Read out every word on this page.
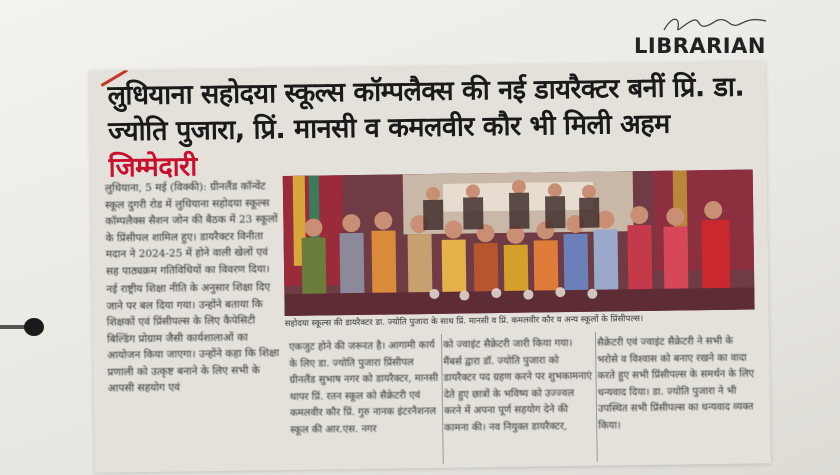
LIBRARIAN
लुधियाना सहोदया स्कूल्स कॉम्पलैक्स की नई डायरैक्टर बनीं प्रिं. डा.
ज्योति पुजारा, प्रिं. मानसी व कमलवीर कौर भी मिली अहम जिम्मेदारी

लुधियाना, 5 मई (विक्की): ग्रीनलैंड कॉन्वेंट स्कूल दुगरी रोड में लुधियाना सहोदया स्कूल्स कॉम्पलैक्स सैशन जोन की बैठक में 23 स्कूलों के प्रिंसीपल शामिल हुए। डायरैक्टर विनीता मदान ने 2024-25 में होने वाली खेलों एवं सह पाठ्यक्रम गतिविधियों का विवरण दिया।

नई राष्ट्रीय शिक्षा नीति के अनुसार शिक्षा दिए जाने पर बल दिया गया। उन्होंने बताया कि शिक्षकों एवं प्रिंसीपल्स के लिए कैपेसिटी बिल्डिंग प्रोग्राम जैसी कार्यशालाओं का आयोजन किया जाएगा। उन्होंने कहा कि शिक्षा प्रणाली को उत्कृष्ट बनाने के लिए सभी के आपसी सहयोग एवं

सहोदया स्कूल्स की डायरैक्टर डा. ज्योति पुजारा के साथ प्रिं. मानसी व प्रिं. कमलवीर कौर व अन्य स्कूलों के प्रिंसीपल्स।
एकजुट होने की जरूरत है। आगामी कार्य के लिए डा. ज्योति पुजारा प्रिंसीपल ग्रीनलैंड सुभाष नगर को डायरैक्टर, मानसी थापर प्रिं. रतन स्कूल को सैक्रेटरी एवं कमलवीर कौर प्रिं. गुरु नानक इंटरनैशनल स्कूल की आर.एस. नगर
को ज्वाइंट सैक्रेटरी जारी किया गया। मैंबर्स द्वारा डॉ. ज्योति पुजारा को डायरैक्टर पद ग्रहण करने पर शुभकामनाएं देते हुए छात्रों के भविष्य को उज्ज्वल करने में अपना पूर्ण सहयोग देने की कामना की। नव नियुक्त डायरैक्टर,
सैक्रेटरी एवं ज्वाइंट सैक्रेटरी ने सभी के भरोसे व विश्वास को बनाए रखने का वादा करते हुए सभी प्रिंसीपल्स के समर्थन के लिए धन्यवाद दिया। डा. ज्योति पुजारा ने भी उपस्थित सभी प्रिंसीपल्स का धन्यवाद व्यक्त किया।
